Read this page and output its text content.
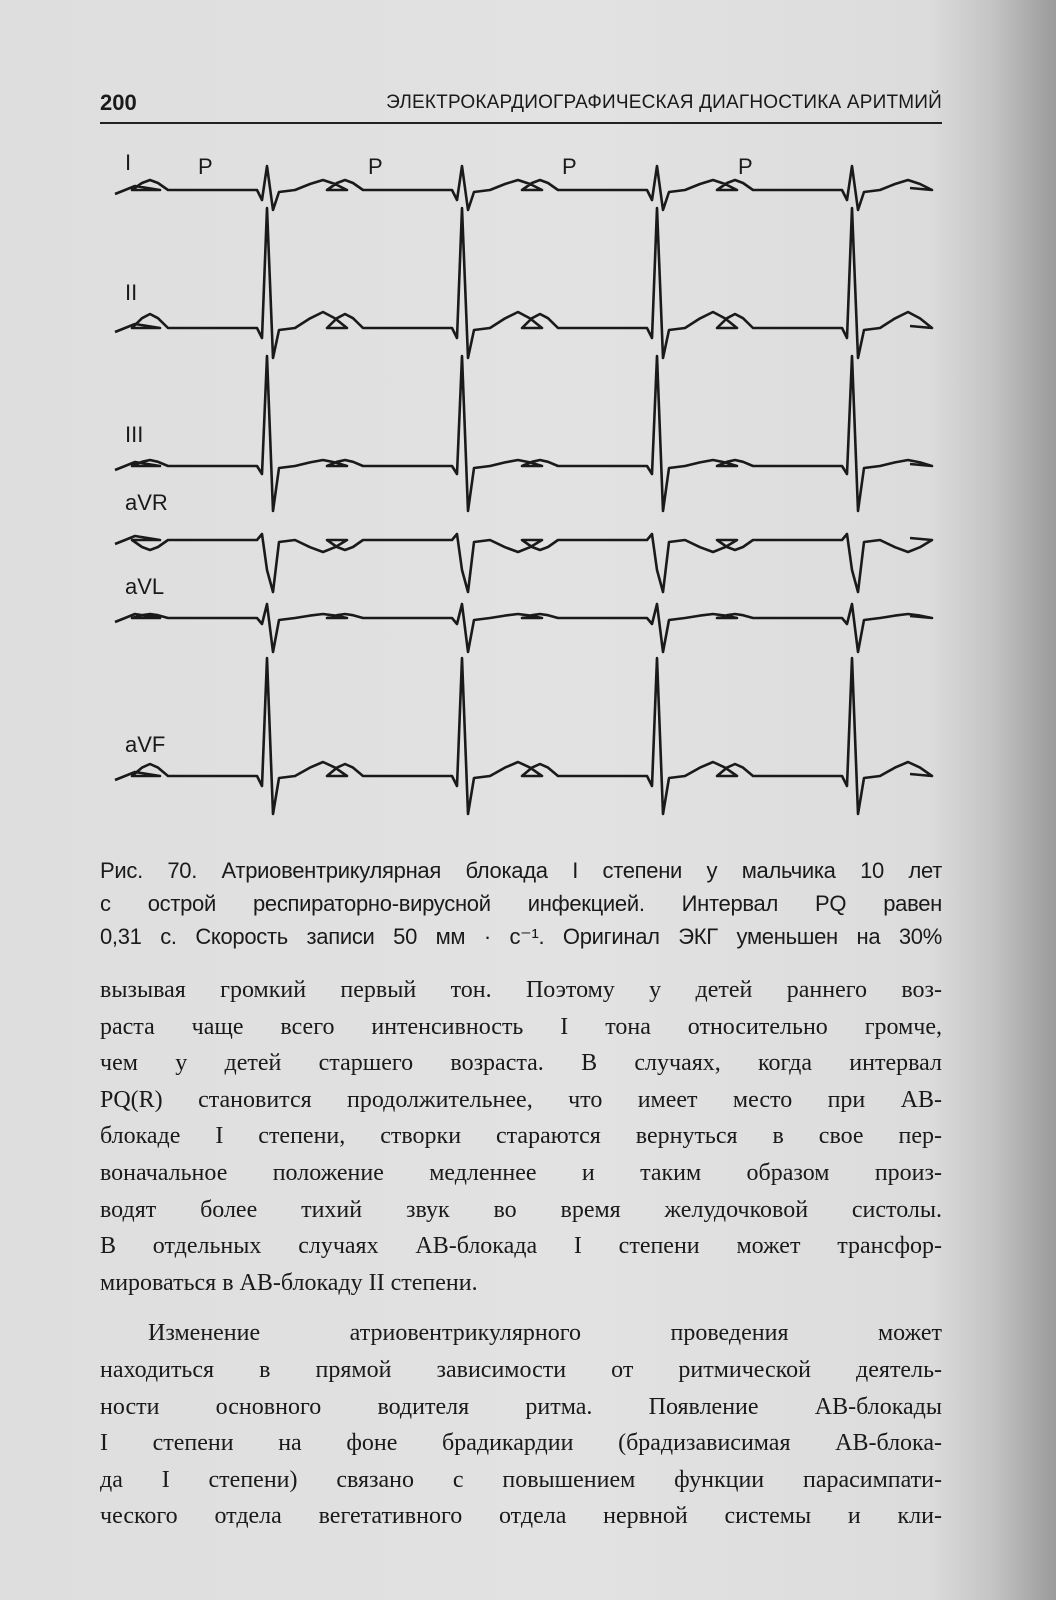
200	ЭЛЕКТРОКАРДИОГРАФИЧЕСКАЯ ДИАГНОСТИКА АРИТМИЙ
I
II
III
aVR
aVL
aVF
P	P	P	P
Рис. 70. Атриовентрикулярная блокада I степени у мальчика 10 лет
с острой респираторно-вирусной инфекцией. Интервал PQ равен
0,31 с. Скорость записи 50 мм · с⁻¹. Оригинал ЭКГ уменьшен на 30%
вызывая громкий первый тон. Поэтому у детей раннего воз-
раста чаще всего интенсивность I тона относительно громче,
чем у детей старшего возраста. В случаях, когда интервал
PQ(R) становится продолжительнее, что имеет место при АВ-
блокаде I степени, створки стараются вернуться в свое пер-
воначальное положение медленнее и таким образом произ-
водят более тихий звук во время желудочковой систолы.
В отдельных случаях АВ-блокада I степени может трансфор-
мироваться в АВ-блокаду II степени.
Изменение атриовентрикулярного проведения может
находиться в прямой зависимости от ритмической деятель-
ности основного водителя ритма. Появление АВ-блокады
I степени на фоне брадикардии (брадизависимая АВ-блока-
да I степени) связано с повышением функции парасимпати-
ческого отдела вегетативного отдела нервной системы и кли-
